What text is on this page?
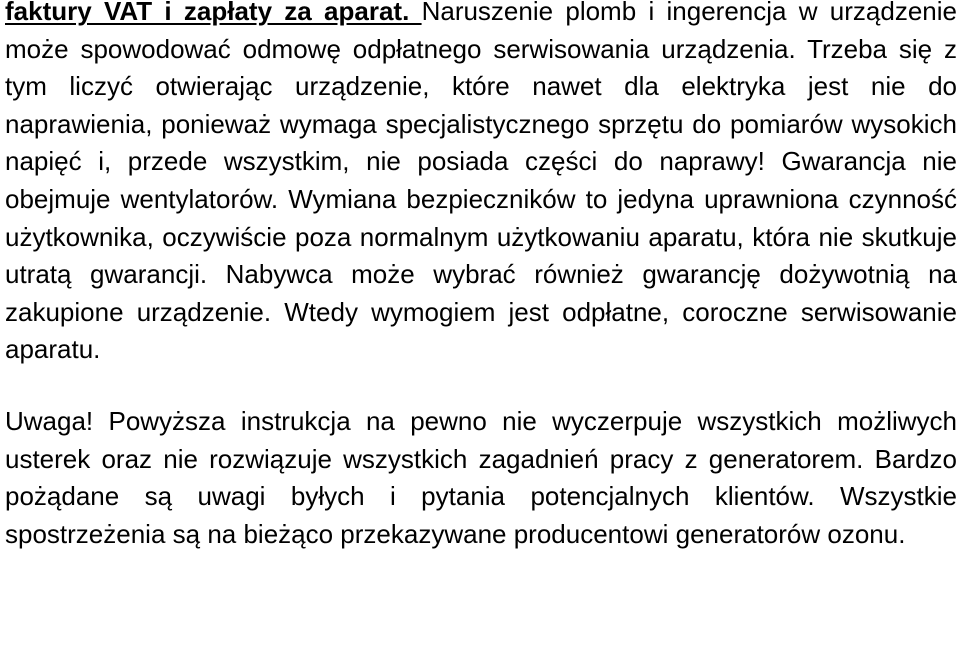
faktury VAT i zapłaty za aparat. Naruszenie plomb i ingerencja w urządzenie może spowodować odmowę odpłatnego serwisowania urządzenia. Trzeba się z tym liczyć otwierając urządzenie, które nawet dla elektryka jest nie do naprawienia, ponieważ wymaga specjalistycznego sprzętu do pomiarów wysokich napięć i, przede wszystkim, nie posiada części do naprawy! Gwarancja nie obejmuje wentylatorów. Wymiana bezpieczników to jedyna uprawniona czynność użytkownika, oczywiście poza normalnym użytkowaniu aparatu, która nie skutkuje utratą gwarancji. Nabywca może wybrać również gwarancję dożywotnią na zakupione urządzenie. Wtedy wymogiem jest odpłatne, coroczne serwisowanie aparatu.

Uwaga! Powyższa instrukcja na pewno nie wyczerpuje wszystkich możliwych usterek oraz nie rozwiązuje wszystkich zagadnień pracy z generatorem. Bardzo pożądane są uwagi byłych i pytania potencjalnych klientów. Wszystkie spostrzeżenia są na bieżąco przekazywane producentowi generatorów ozonu.
